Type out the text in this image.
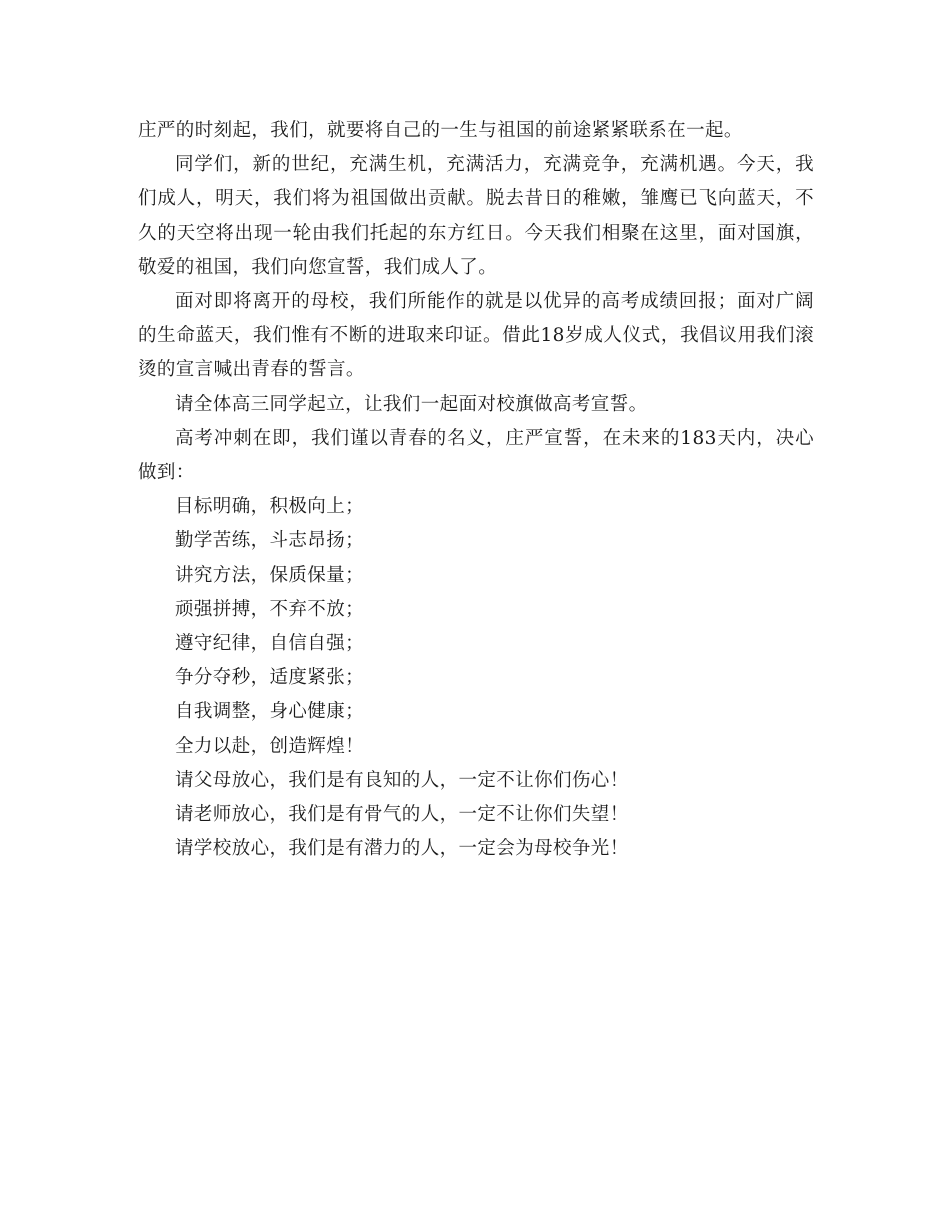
庄严的时刻起，我们，就要将自己的一生与祖国的前途紧紧联系在一起。

同学们，新的世纪，充满生机，充满活力，充满竞争，充满机遇。今天，我们成人，明天，我们将为祖国做出贡献。脱去昔日的稚嫩，雏鹰已飞向蓝天，不久的天空将出现一轮由我们托起的东方红日。今天我们相聚在这里，面对国旗，敬爱的祖国，我们向您宣誓，我们成人了。

面对即将离开的母校，我们所能作的就是以优异的高考成绩回报；面对广阔的生命蓝天，我们惟有不断的进取来印证。借此18岁成人仪式，我倡议用我们滚烫的宣言喊出青春的誓言。

请全体高三同学起立，让我们一起面对校旗做高考宣誓。

高考冲刺在即，我们谨以青春的名义，庄严宣誓，在未来的183天内，决心做到：

目标明确，积极向上；

勤学苦练，斗志昂扬；

讲究方法，保质保量；

顽强拼搏，不弃不放；

遵守纪律，自信自强；

争分夺秒，适度紧张；

自我调整，身心健康；

全力以赴，创造辉煌！

请父母放心，我们是有良知的人，一定不让你们伤心！

请老师放心，我们是有骨气的人，一定不让你们失望！

请学校放心，我们是有潜力的人，一定会为母校争光！
